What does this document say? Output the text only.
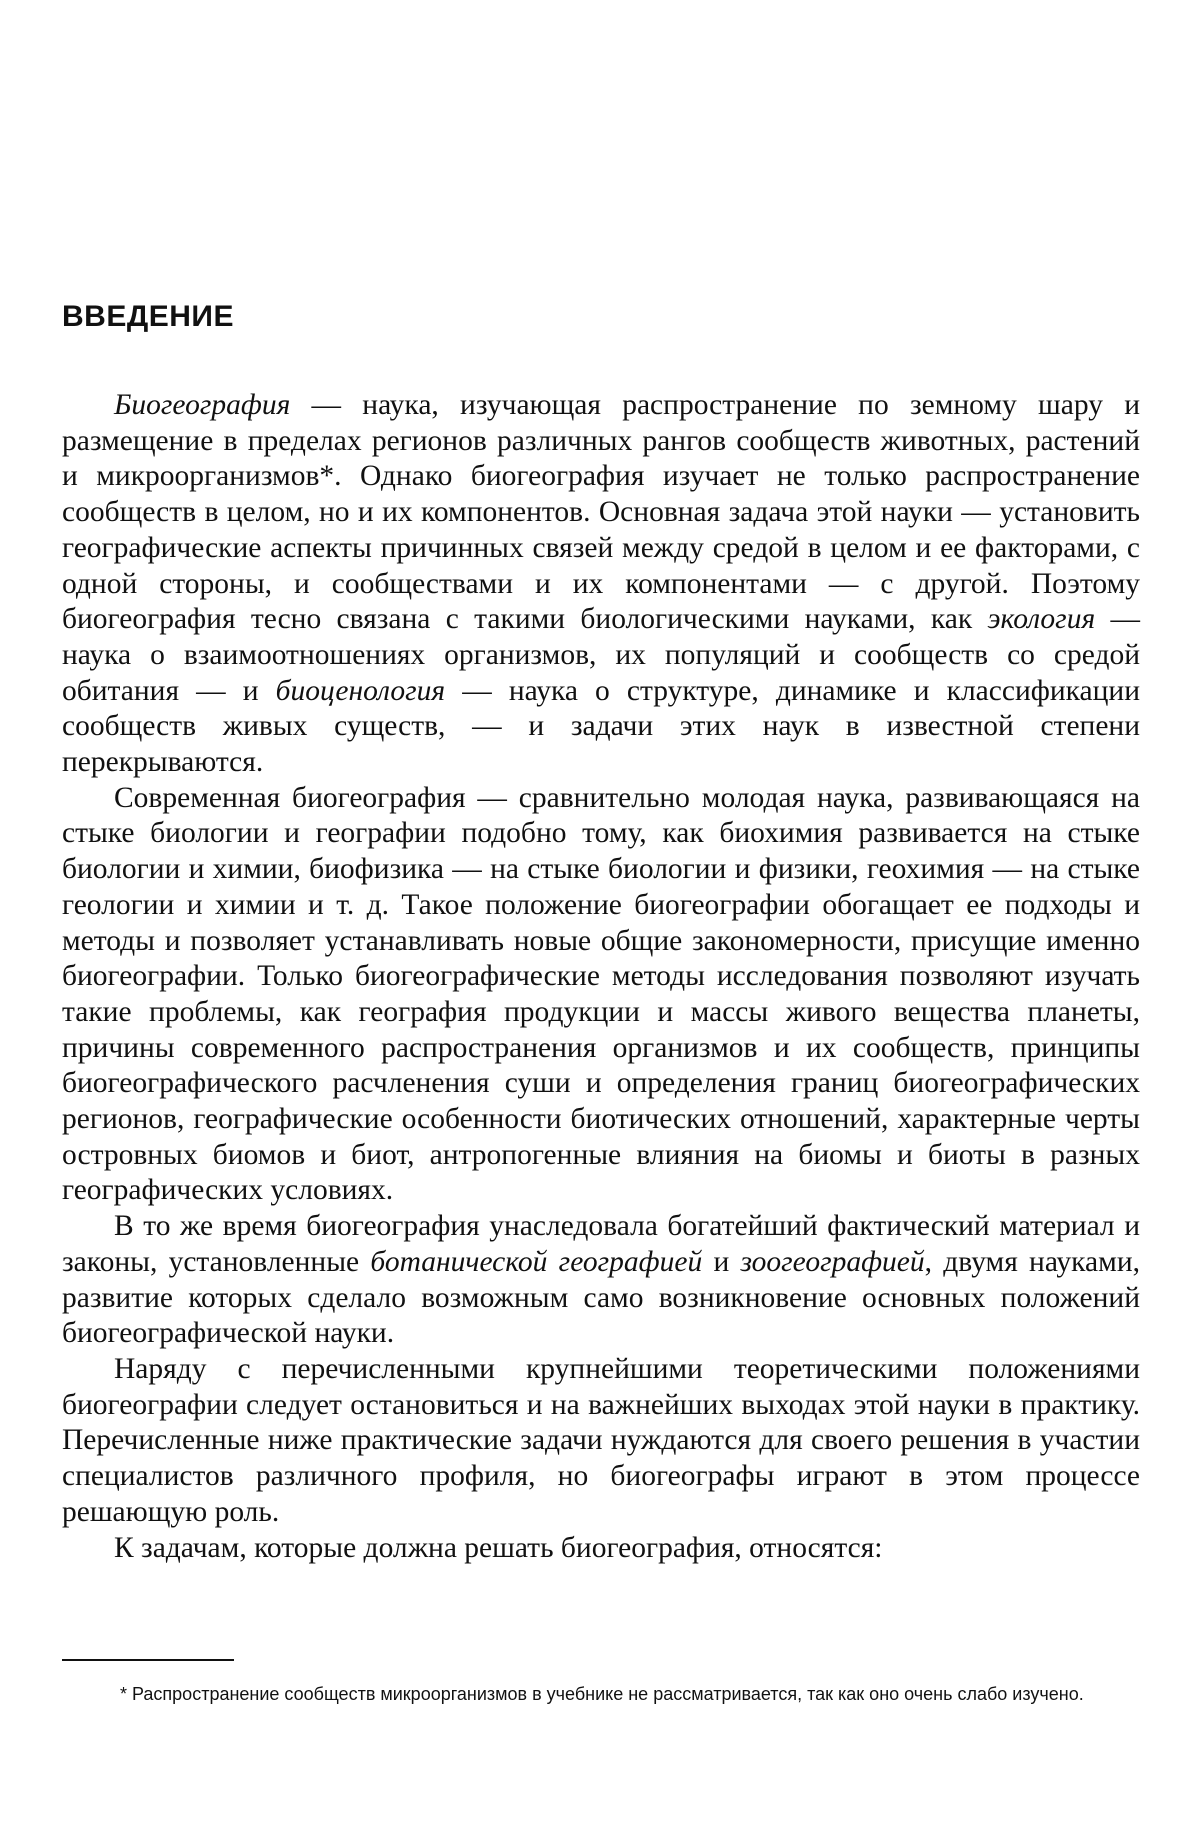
ВВЕДЕНИЕ

Биогеография — наука, изучающая распространение по земному шару и размещение в пределах регионов различных рангов сообществ животных, растений и микроорганизмов*. Однако биогеография изучает не только распространение сообществ в целом, но и их компонентов. Основная задача этой науки — установить географические аспекты причинных связей между средой в целом и ее факторами, с одной стороны, и сообществами и их компонентами — с другой. Поэтому биогеография тесно связана с такими биологическими науками, как экология — наука о взаимоотношениях организмов, их популяций и сообществ со средой обитания — и биоценология — наука о структуре, динамике и классификации сообществ живых существ, — и задачи этих наук в известной степени перекрываются.

Современная биогеография — сравнительно молодая наука, развивающаяся на стыке биологии и географии подобно тому, как биохимия развивается на стыке биологии и химии, биофизика — на стыке биологии и физики, геохимия — на стыке геологии и химии и т. д. Такое положение биогеографии обогащает ее подходы и методы и позволяет устанавливать новые общие закономерности, присущие именно биогеографии. Только биогеографические методы исследования позволяют изучать такие проблемы, как география продукции и массы живого вещества планеты, причины современного распространения организмов и их сообществ, принципы биогеографического расчленения суши и определения границ биогеографических регионов, географические особенности биотических отношений, характерные черты островных биомов и биот, антропогенные влияния на биомы и биоты в разных географических условиях.

В то же время биогеография унаследовала богатейший фактический материал и законы, установленные ботанической географией и зоогеографией, двумя науками, развитие которых сделало возможным само возникновение основных положений биогеографической науки.

Наряду с перечисленными крупнейшими теоретическими положениями биогеографии следует остановиться и на важнейших выходах этой науки в практику. Перечисленные ниже практические задачи нуждаются для своего решения в участии специалистов различного профиля, но биогеографы играют в этом процессе решающую роль.

К задачам, которые должна решать биогеография, относятся:

* Распространение сообществ микроорганизмов в учебнике не рассматривается, так как оно очень слабо изучено.
